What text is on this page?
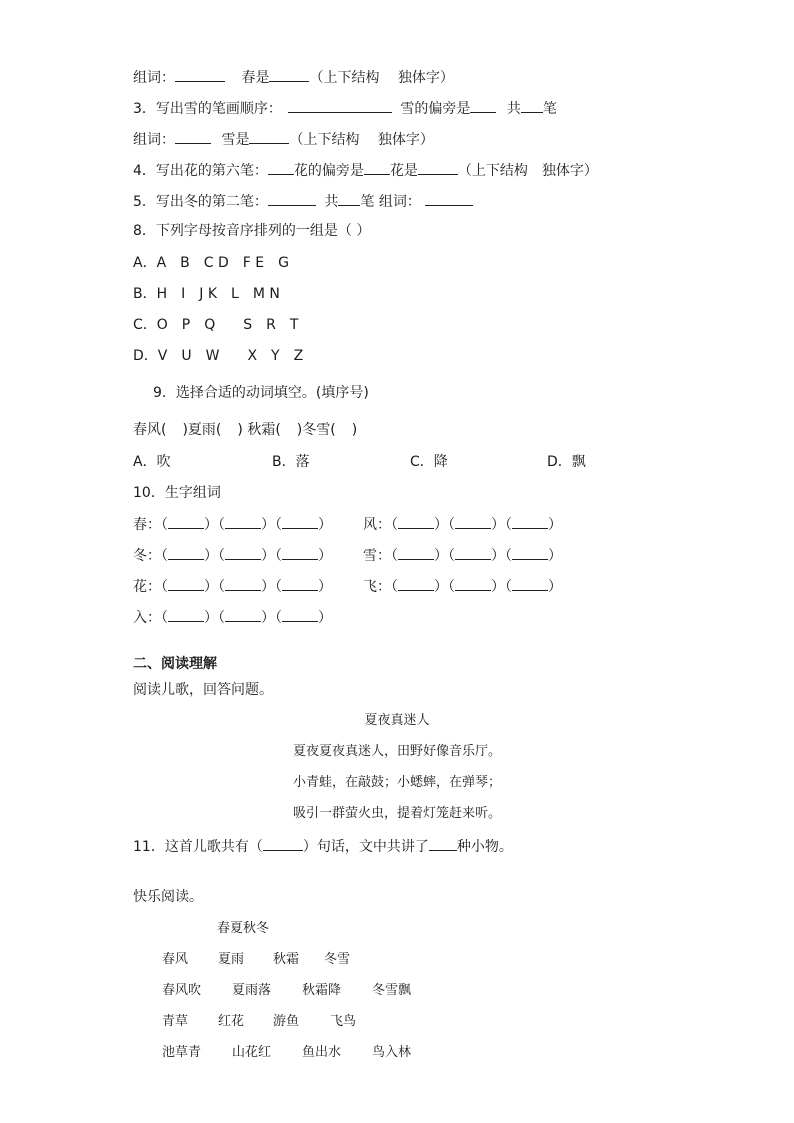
组词：	春是	（上下结构　 独体字）
3．写出雪的笔画顺序：	雪的偏旁是	共 笔
组词：	雪是	（上下结构　 独体字）
4．写出花的第六笔： 花的偏旁是 花是	（上下结构　独体字）
5．写出冬的第二笔：	共 笔 组词：
8．下列字母按音序排列的一组是（ ）
A．A　B　C D　F E　G
B．H　I　J K　L　M N
C．O　P　Q　　S　R　T
D．V　U　W　　X　Y　Z
9．选择合适的动词填空。(填序号)
春风( )夏雨( ) 秋霜( )冬雪( )
A．吹	B．落	C．降	D．飘
10．生字组词
春：（	）（	）（	） 风：（	）（	）（	）
冬：（	）（	）（	） 雪：（	）（	）（	）
花：（	）（	）（	） 飞：（	）（	）（	）
入：（	）（	）（	）
二、阅读理解
阅读儿歌，回答问题。
夏夜真迷人
夏夜夏夜真迷人，田野好像音乐厅。
小青蛙，在敲鼓；小蟋蟀，在弹琴；
吸引一群萤火虫，提着灯笼赶来听。
11．这首儿歌共有（	）句话，文中共讲了 种小物。
快乐阅读。
春夏秋冬
春风 夏雨 秋霜 冬雪
春风吹 夏雨落 秋霜降 冬雪飘
青草 红花 游鱼 飞鸟
池草青 山花红 鱼出水 鸟入林
